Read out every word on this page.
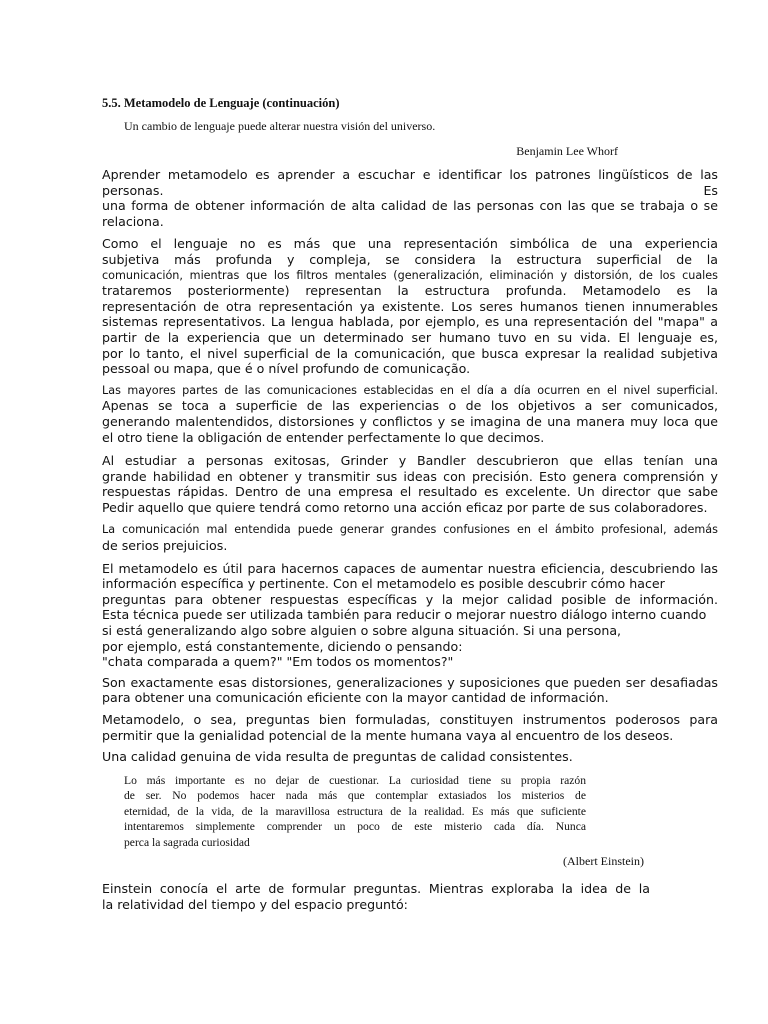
5.5. Metamodelo de Lenguaje (continuación)
Un cambio de lenguaje puede alterar nuestra visión del universo.
Benjamin Lee Whorf
Aprender metamodelo es aprender a escuchar e identificar los patrones lingüísticos de las personas. Es
una forma de obtener información de alta calidad de las personas con las que se trabaja o se
relaciona.
Como el lenguaje no es más que una representación simbólica de una experiencia
subjetiva más profunda y compleja, se considera la estructura superficial de la
comunicación, mientras que los filtros mentales (generalización, eliminación y distorsión, de los cuales
trataremos posteriormente) representan la estructura profunda. Metamodelo es la
representación de otra representación ya existente. Los seres humanos tienen innumerables
sistemas representativos. La lengua hablada, por ejemplo, es una representación del "mapa" a
partir de la experiencia que un determinado ser humano tuvo en su vida. El lenguaje es,
por lo tanto, el nivel superficial de la comunicación, que busca expresar la realidad subjetiva
pessoal ou mapa, que é o nível profundo de comunicação.
Las mayores partes de las comunicaciones establecidas en el día a día ocurren en el nivel superficial.
Apenas se toca a superficie de las experiencias o de los objetivos a ser comunicados,
generando malentendidos, distorsiones y conflictos y se imagina de una manera muy loca que
el otro tiene la obligación de entender perfectamente lo que decimos.
Al estudiar a personas exitosas, Grinder y Bandler descubrieron que ellas tenían una
grande habilidad en obtener y transmitir sus ideas con precisión. Esto genera comprensión y
respuestas rápidas. Dentro de una empresa el resultado es excelente. Un director que sabe
Pedir aquello que quiere tendrá como retorno una acción eficaz por parte de sus colaboradores.
La comunicación mal entendida puede generar grandes confusiones en el ámbito profesional, además
de serios prejuicios.
El metamodelo es útil para hacernos capaces de aumentar nuestra eficiencia, descubriendo las
información específica y pertinente. Con el metamodelo es posible descubrir cómo hacer
preguntas para obtener respuestas específicas y la mejor calidad posible de información.
Esta técnica puede ser utilizada también para reducir o mejorar nuestro diálogo interno cuando
si está generalizando algo sobre alguien o sobre alguna situación. Si una persona,
por ejemplo, está constantemente, diciendo o pensando:
"chata comparada a quem?" "Em todos os momentos?"
Son exactamente esas distorsiones, generalizaciones y suposiciones que pueden ser desafiadas
para obtener una comunicación eficiente con la mayor cantidad de información.
Metamodelo, o sea, preguntas bien formuladas, constituyen instrumentos poderosos para
permitir que la genialidad potencial de la mente humana vaya al encuentro de los deseos.
Una calidad genuina de vida resulta de preguntas de calidad consistentes.
Lo más importante es no dejar de cuestionar. La curiosidad tiene su propia razón
de ser. No podemos hacer nada más que contemplar extasiados los misterios de
eternidad, de la vida, de la maravillosa estructura de la realidad. Es más que suficiente
intentaremos simplemente comprender un poco de este misterio cada día. Nunca
perca la sagrada curiosidad
(Albert Einstein)
Einstein conocía el arte de formular preguntas. Mientras exploraba la idea de la
la relatividad del tiempo y del espacio preguntó:
